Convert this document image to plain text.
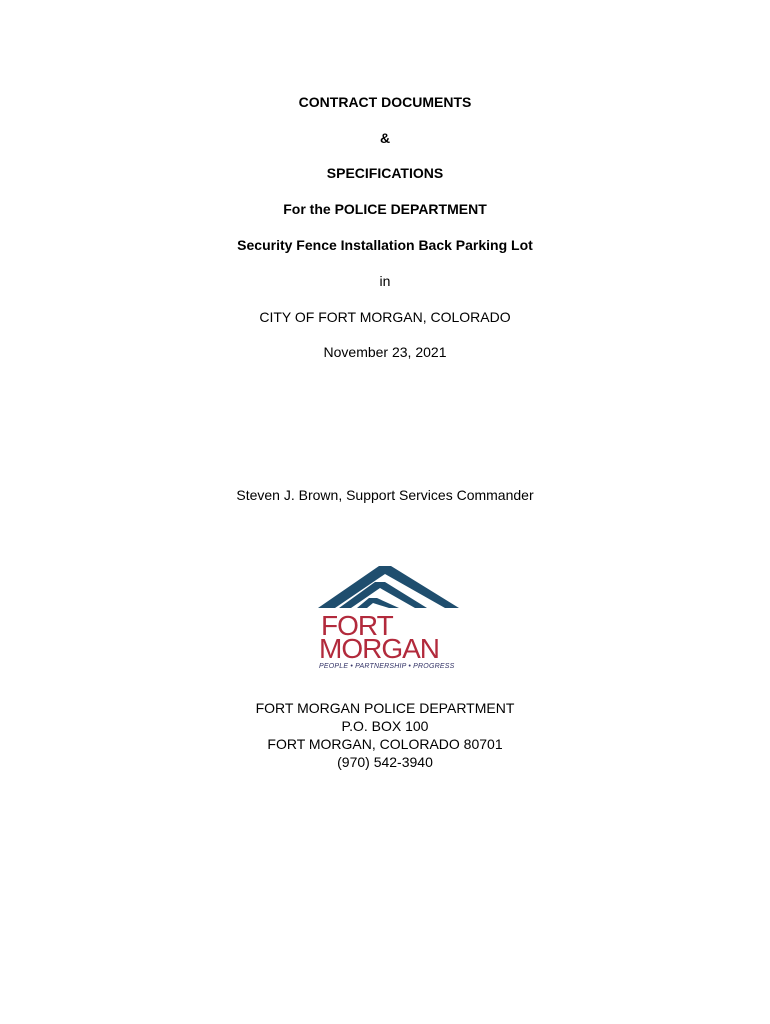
CONTRACT DOCUMENTS
&
SPECIFICATIONS
For the POLICE DEPARTMENT
Security Fence Installation Back Parking Lot
in
CITY OF FORT MORGAN, COLORADO
November 23, 2021
Steven J. Brown, Support Services Commander
FORT
MORGAN
PEOPLE • PARTNERSHIP • PROGRESS
FORT MORGAN POLICE DEPARTMENT
P.O. BOX 100
FORT MORGAN, COLORADO 80701
(970) 542-3940
